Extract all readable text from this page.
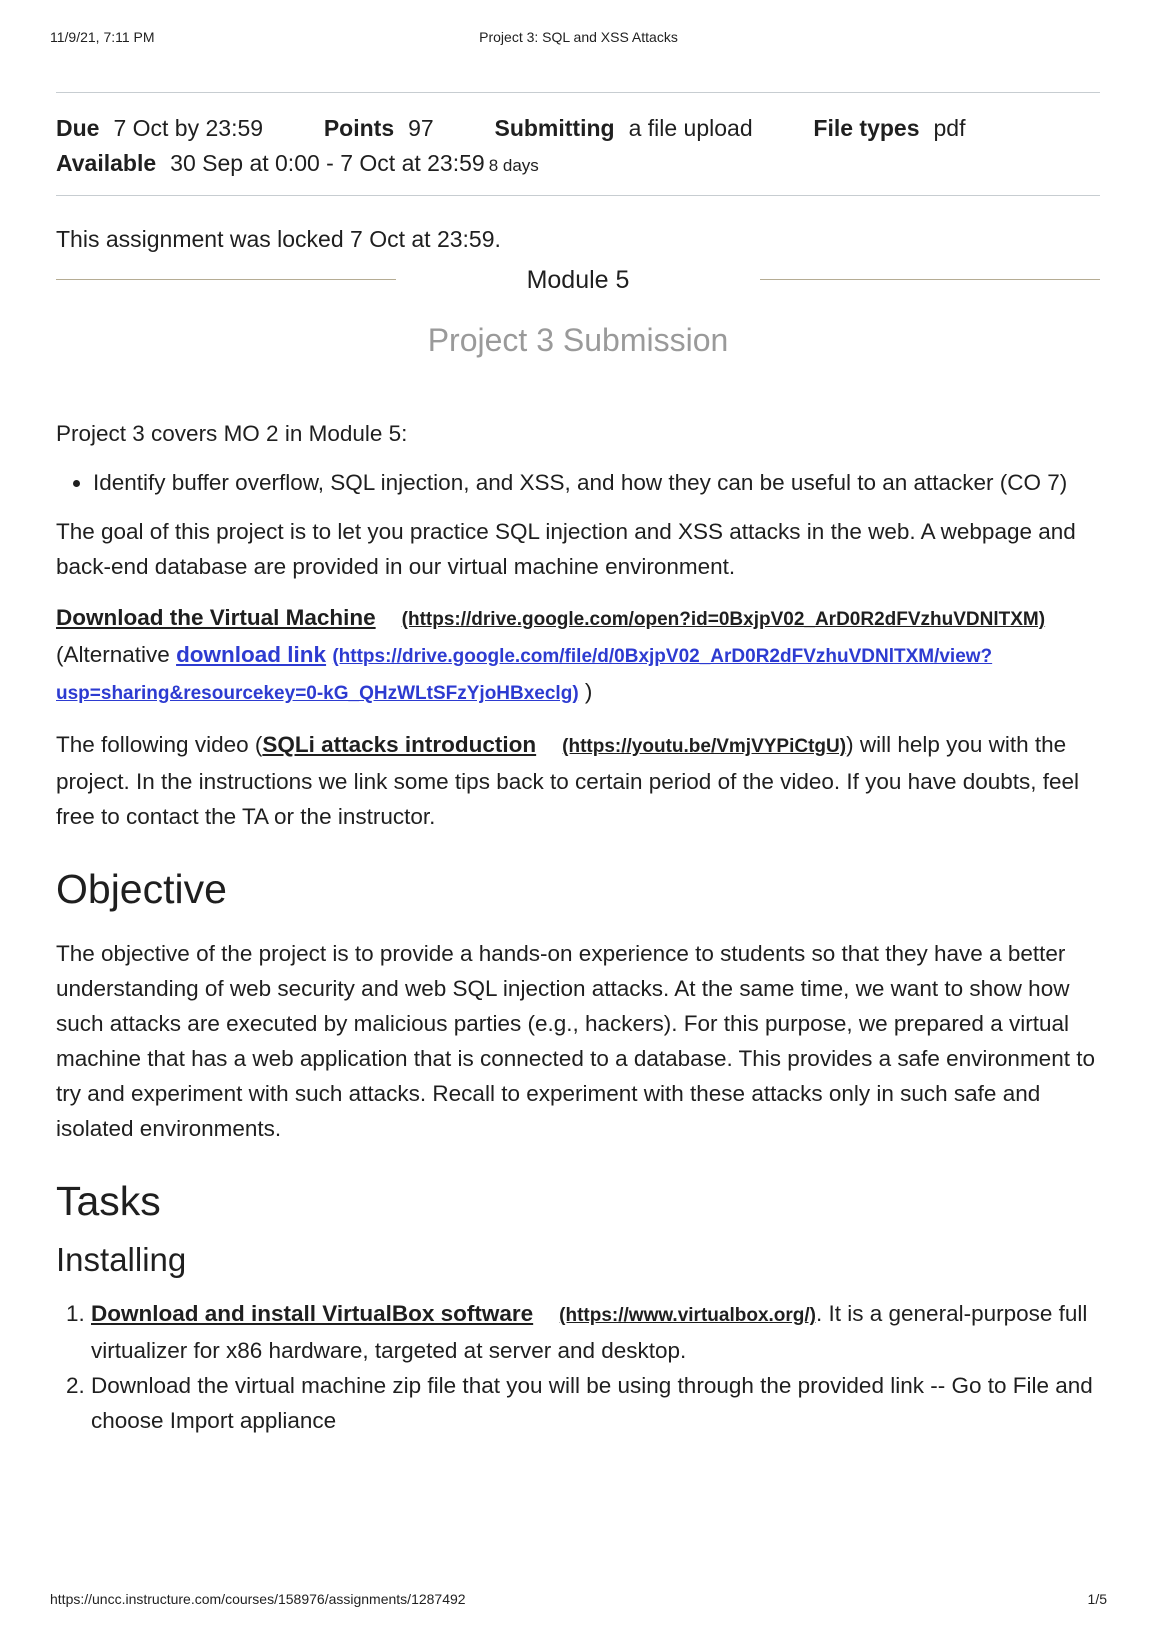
11/9/21, 7:11 PM	Project 3: SQL and XSS Attacks
Due 7 Oct by 23:59	Points 97	Submitting a file upload	File types pdf
Available 30 Sep at 0:00 - 7 Oct at 23:59 8 days
This assignment was locked 7 Oct at 23:59.
Module 5
Project 3 Submission

Project 3 covers MO 2 in Module 5:

• Identify buffer overflow, SQL injection, and XSS, and how they can be useful to an attacker (CO 7)

The goal of this project is to let you practice SQL injection and XSS attacks in the web. A webpage and back-end database are provided in our virtual machine environment.

Download the Virtual Machine (https://drive.google.com/open?id=0BxjpV02_ArD0R2dFVzhuVDNlTXM) (Alternative download link (https://drive.google.com/file/d/0BxjpV02_ArD0R2dFVzhuVDNlTXM/view?usp=sharing&resourcekey=0-kG_QHzWLtSFzYjoHBxeclg) )

The following video (SQLi attacks introduction (https://youtu.be/VmjVYPiCtgU)) will help you with the project. In the instructions we link some tips back to certain period of the video. If you have doubts, feel free to contact the TA or the instructor.

Objective

The objective of the project is to provide a hands-on experience to students so that they have a better understanding of web security and web SQL injection attacks. At the same time, we want to show how such attacks are executed by malicious parties (e.g., hackers). For this purpose, we prepared a virtual machine that has a web application that is connected to a database. This provides a safe environment to try and experiment with such attacks. Recall to experiment with these attacks only in such safe and isolated environments.

Tasks
Installing
1. Download and install VirtualBox software (https://www.virtualbox.org/). It is a general-purpose full virtualizer for x86 hardware, targeted at server and desktop.
2. Download the virtual machine zip file that you will be using through the provided link -- Go to File and choose Import appliance
https://uncc.instructure.com/courses/158976/assignments/1287492	1/5
